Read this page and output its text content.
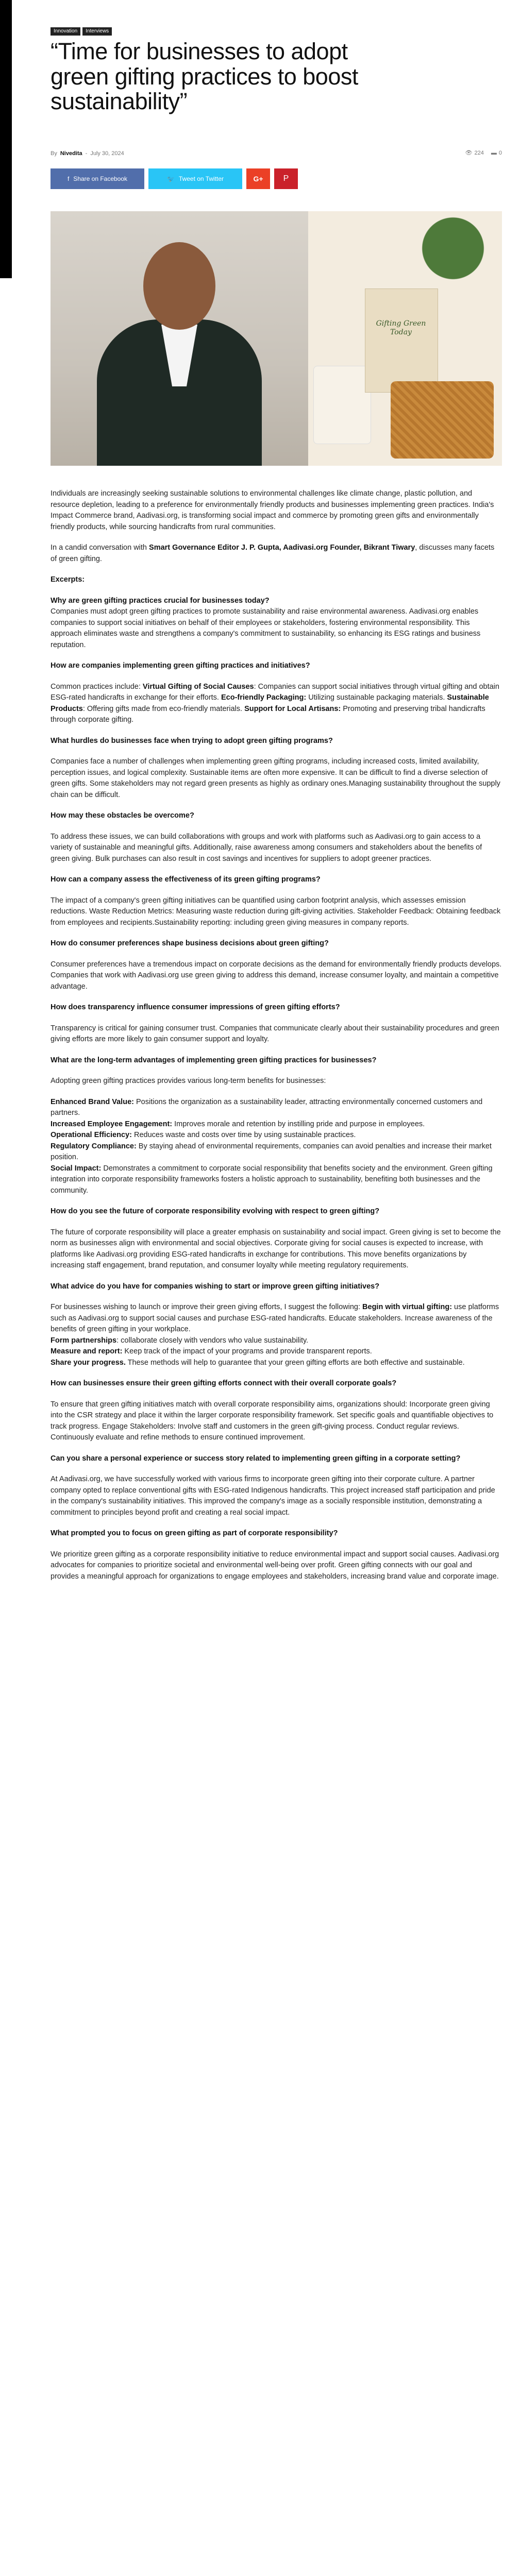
Innovation	Interviews
“Time for businesses to adopt green gifting practices to boost sustainability”
By Nivedita - July 30, 2024	👁 224 ▬ 0
f Share on Facebook	🐦 Tweet on Twitter	G+	P
Gifting Green Today

Individuals are increasingly seeking sustainable solutions to environmental challenges like climate change, plastic pollution, and resource depletion, leading to a preference for environmentally friendly products and businesses implementing green practices. India's Impact Commerce brand, Aadivasi.org, is transforming social impact and commerce by promoting green gifts and environmentally friendly products, while sourcing handicrafts from rural communities.

In a candid conversation with Smart Governance Editor J. P. Gupta, Aadivasi.org Founder, Bikrant Tiwary, discusses many facets of green gifting.

Excerpts:

Why are green gifting practices crucial for businesses today?

Companies must adopt green gifting practices to promote sustainability and raise environmental awareness. Aadivasi.org enables companies to support social initiatives on behalf of their employees or stakeholders, fostering environmental responsibility. This approach eliminates waste and strengthens a company's commitment to sustainability, so enhancing its ESG ratings and business reputation.

How are companies implementing green gifting practices and initiatives?

Common practices include: Virtual Gifting of Social Causes: Companies can support social initiatives through virtual gifting and obtain ESG-rated handicrafts in exchange for their efforts. Eco-friendly Packaging: Utilizing sustainable packaging materials. Sustainable Products: Offering gifts made from eco-friendly materials. Support for Local Artisans: Promoting and preserving tribal handicrafts through corporate gifting.

What hurdles do businesses face when trying to adopt green gifting programs?

Companies face a number of challenges when implementing green gifting programs, including increased costs, limited availability, perception issues, and logical complexity. Sustainable items are often more expensive. It can be difficult to find a diverse selection of green gifts. Some stakeholders may not regard green presents as highly as ordinary ones.Managing sustainability throughout the supply chain can be difficult.

How may these obstacles be overcome?

To address these issues, we can build collaborations with groups and work with platforms such as Aadivasi.org to gain access to a variety of sustainable and meaningful gifts. Additionally, raise awareness among consumers and stakeholders about the benefits of green giving. Bulk purchases can also result in cost savings and incentives for suppliers to adopt greener practices.

How can a company assess the effectiveness of its green gifting programs?

The impact of a company's green gifting initiatives can be quantified using carbon footprint analysis, which assesses emission reductions. Waste Reduction Metrics: Measuring waste reduction during gift-giving activities. Stakeholder Feedback: Obtaining feedback from employees and recipients.Sustainability reporting: including green giving measures in company reports.

How do consumer preferences shape business decisions about green gifting?

Consumer preferences have a tremendous impact on corporate decisions as the demand for environmentally friendly products develops. Companies that work with Aadivasi.org use green giving to address this demand, increase consumer loyalty, and maintain a competitive advantage.

How does transparency influence consumer impressions of green gifting efforts?

Transparency is critical for gaining consumer trust. Companies that communicate clearly about their sustainability procedures and green giving efforts are more likely to gain consumer support and loyalty.

What are the long-term advantages of implementing green gifting practices for businesses?

Adopting green gifting practices provides various long-term benefits for businesses:

Enhanced Brand Value: Positions the organization as a sustainability leader, attracting environmentally concerned customers and partners.
Increased Employee Engagement: Improves morale and retention by instilling pride and purpose in employees.
Operational Efficiency: Reduces waste and costs over time by using sustainable practices.
Regulatory Compliance: By staying ahead of environmental requirements, companies can avoid penalties and increase their market position.
Social Impact: Demonstrates a commitment to corporate social responsibility that benefits society and the environment. Green gifting integration into corporate responsibility frameworks fosters a holistic approach to sustainability, benefiting both businesses and the community.

How do you see the future of corporate responsibility evolving with respect to green gifting?

The future of corporate responsibility will place a greater emphasis on sustainability and social impact. Green giving is set to become the norm as businesses align with environmental and social objectives. Corporate giving for social causes is expected to increase, with platforms like Aadivasi.org providing ESG-rated handicrafts in exchange for contributions. This move benefits organizations by increasing staff engagement, brand reputation, and consumer loyalty while meeting regulatory requirements.

What advice do you have for companies wishing to start or improve green gifting initiatives?

For businesses wishing to launch or improve their green giving efforts, I suggest the following: Begin with virtual gifting: use platforms such as Aadivasi.org to support social causes and purchase ESG-rated handicrafts. Educate stakeholders. Increase awareness of the benefits of green gifting in your workplace.
Form partnerships: collaborate closely with vendors who value sustainability.
Measure and report: Keep track of the impact of your programs and provide transparent reports.
Share your progress. These methods will help to guarantee that your green gifting efforts are both effective and sustainable.

How can businesses ensure their green gifting efforts connect with their overall corporate goals?

To ensure that green gifting initiatives match with overall corporate responsibility aims, organizations should: Incorporate green giving into the CSR strategy and place it within the larger corporate responsibility framework. Set specific goals and quantifiable objectives to track progress. Engage Stakeholders: Involve staff and customers in the green gift-giving process. Conduct regular reviews. Continuously evaluate and refine methods to ensure continued improvement.

Can you share a personal experience or success story related to implementing green gifting in a corporate setting?

At Aadivasi.org, we have successfully worked with various firms to incorporate green gifting into their corporate culture. A partner company opted to replace conventional gifts with ESG-rated Indigenous handicrafts. This project increased staff participation and pride in the company's sustainability initiatives. This improved the company's image as a socially responsible institution, demonstrating a commitment to principles beyond profit and creating a real social impact.

What prompted you to focus on green gifting as part of corporate responsibility?

We prioritize green gifting as a corporate responsibility initiative to reduce environmental impact and support social causes. Aadivasi.org advocates for companies to prioritize societal and environmental well-being over profit. Green gifting connects with our goal and provides a meaningful approach for organizations to engage employees and stakeholders, increasing brand value and corporate image.
